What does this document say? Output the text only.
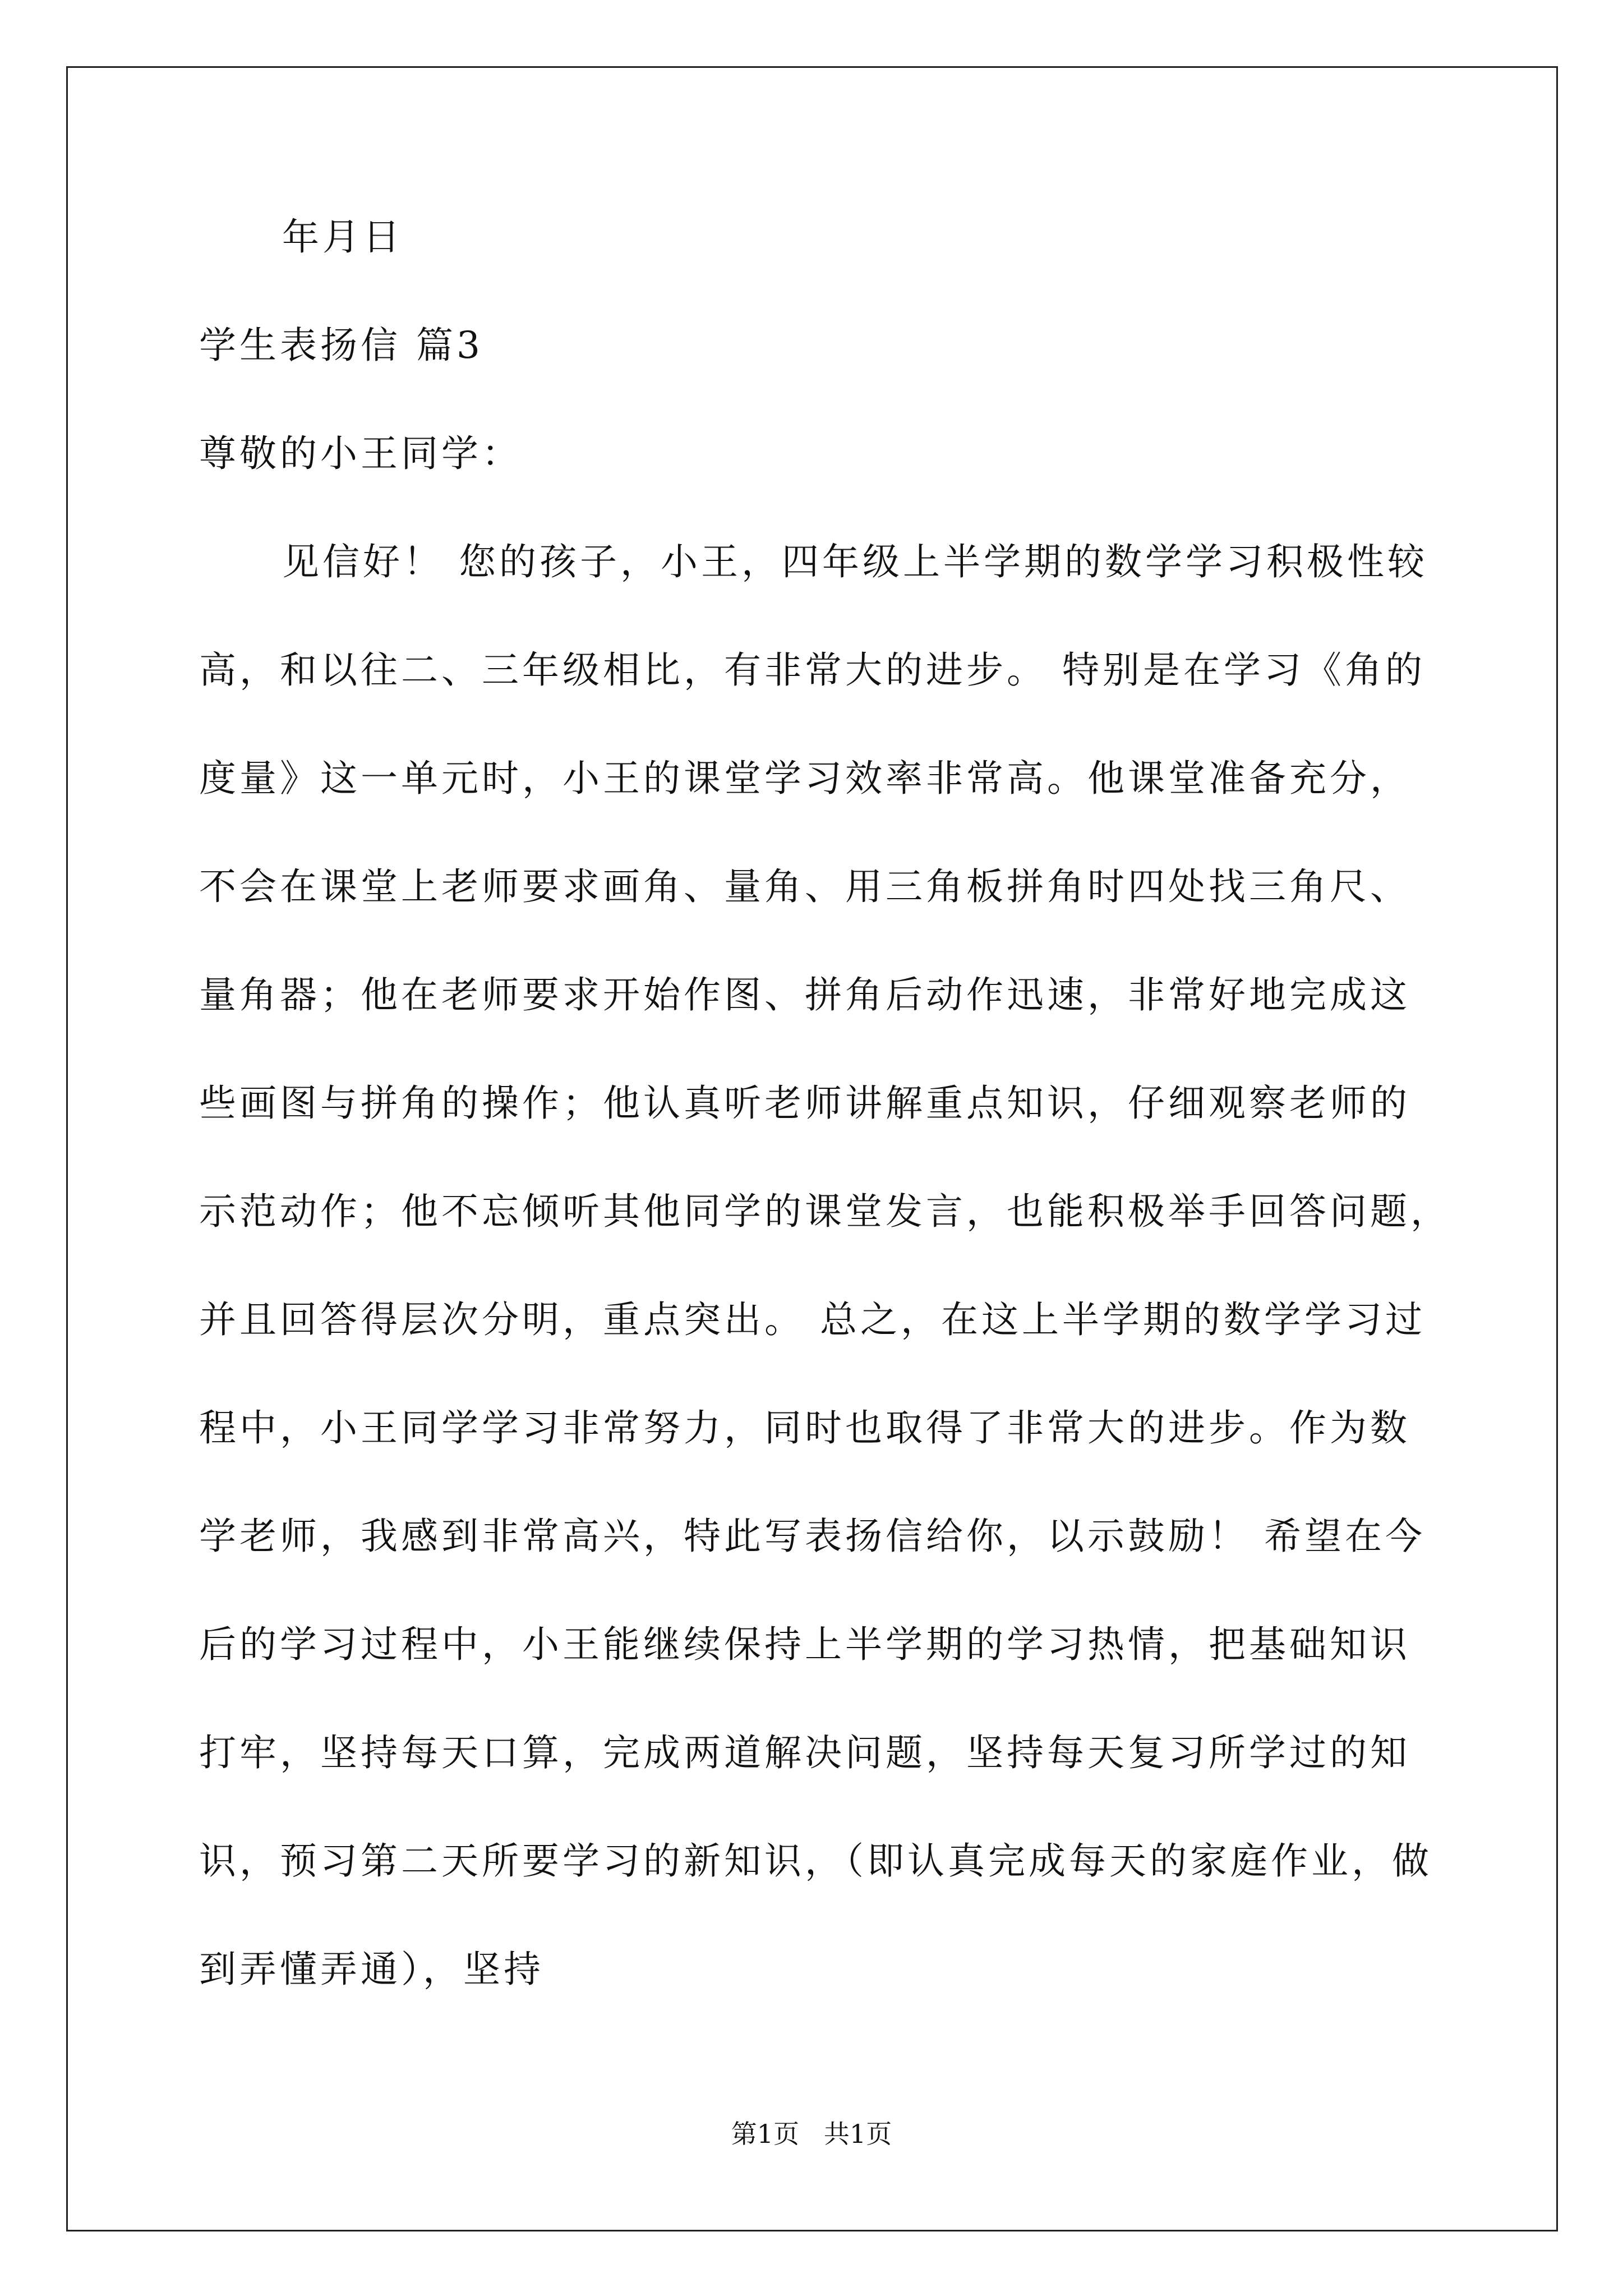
年月日
学生表扬信 篇3
尊敬的小王同学：
见信好！ 您的孩子，小王，四年级上半学期的数学学习积极性较
高，和以往二、三年级相比，有非常大的进步。 特别是在学习《角的
度量》这一单元时，小王的课堂学习效率非常高。他课堂准备充分，
不会在课堂上老师要求画角、量角、用三角板拼角时四处找三角尺、
量角器；他在老师要求开始作图、拼角后动作迅速，非常好地完成这
些画图与拼角的操作；他认真听老师讲解重点知识，仔细观察老师的
示范动作；他不忘倾听其他同学的课堂发言，也能积极举手回答问题，
并且回答得层次分明，重点突出。 总之，在这上半学期的数学学习过
程中，小王同学学习非常努力，同时也取得了非常大的进步。作为数
学老师，我感到非常高兴，特此写表扬信给你，以示鼓励！ 希望在今
后的学习过程中，小王能继续保持上半学期的学习热情，把基础知识
打牢，坚持每天口算，完成两道解决问题，坚持每天复习所学过的知
识，预习第二天所要学习的新知识，（即认真完成每天的家庭作业，做
到弄懂弄通），坚持
第1页   共1页
